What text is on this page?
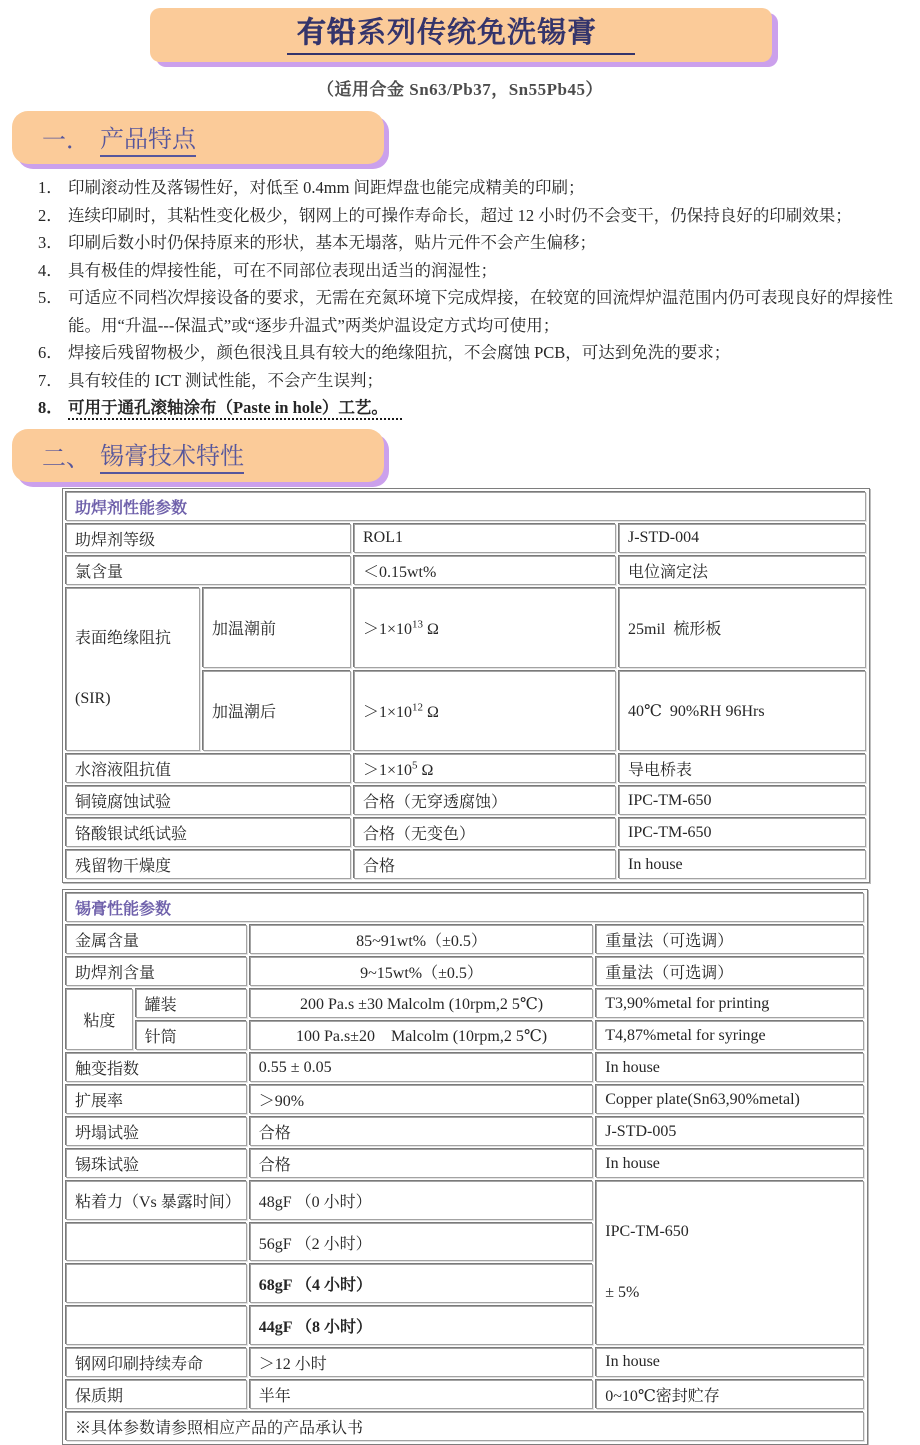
有铅系列传统免洗锡膏
（适用合金 Sn63/Pb37，Sn55Pb45）
一． 产品特点
1． 印刷滚动性及落锡性好，对低至 0.4mm 间距焊盘也能完成精美的印刷；
2． 连续印刷时，其粘性变化极少，钢网上的可操作寿命长，超过 12 小时仍不会变干，仍保持良好的印刷效果；
3． 印刷后数小时仍保持原来的形状，基本无塌落，贴片元件不会产生偏移；
4． 具有极佳的焊接性能，可在不同部位表现出适当的润湿性；
5． 可适应不同档次焊接设备的要求，无需在充氮环境下完成焊接，在较宽的回流焊炉温范围内仍可表现良好的焊接性能。用“升温---保温式”或“逐步升温式”两类炉温设定方式均可使用；
6． 焊接后残留物极少，颜色很浅且具有较大的绝缘阻抗，不会腐蚀 PCB，可达到免洗的要求；
7． 具有较佳的 ICT 测试性能，不会产生误判；
8． 可用于通孔滚轴涂布（Paste in hole）工艺。
二、 锡膏技术特性
助焊剂性能参数			
助焊剂等级		ROL1	J-STD-004
氯含量		＜0.15wt%	电位滴定法

表面绝缘阻抗

(SIR)	加温潮前	$>1\times 10^{13}$ Ω	25mil  梳形板
	加温潮后	$>1\times 10^{12}$ Ω	40℃  90%RH 96Hrs
水溶液阻抗值		$>1\times 10^5$ Ω	导电桥表
铜镜腐蚀试验		合格（无穿透腐蚀）	IPC-TM-650
铬酸银试纸试验		合格（无变色）	IPC-TM-650
残留物干燥度		合格	In house
锡膏性能参数			
金属含量		85~91wt%（±0.5）	重量法（可选调）
助焊剂含量		9~15wt%（±0.5）	重量法（可选调）
粘度	罐装	200 Pa.s ±30 Malcolm (10rpm,2 5℃)	T3,90%metal for printing
	针筒	100 Pa.s±20    Malcolm (10rpm,2 5℃)	T4,87%metal for syringe
触变指数		0.55 ± 0.05	In house
扩展率		＞90%	Copper plate(Sn63,90%metal)
坍塌试验		合格	J-STD-005
锡珠试验		合格	In house
粘着力（Vs 暴露时间）		48gF （0 小时）	IPC-TM-650

± 5%

		56gF （2 小时）	
		68gF （4 小时）	
		44gF （8 小时）	
钢网印刷持续寿命		＞12 小时	In house
保质期		半年	0~10℃密封贮存
※具体参数请参照相应产品的产品承认书			
